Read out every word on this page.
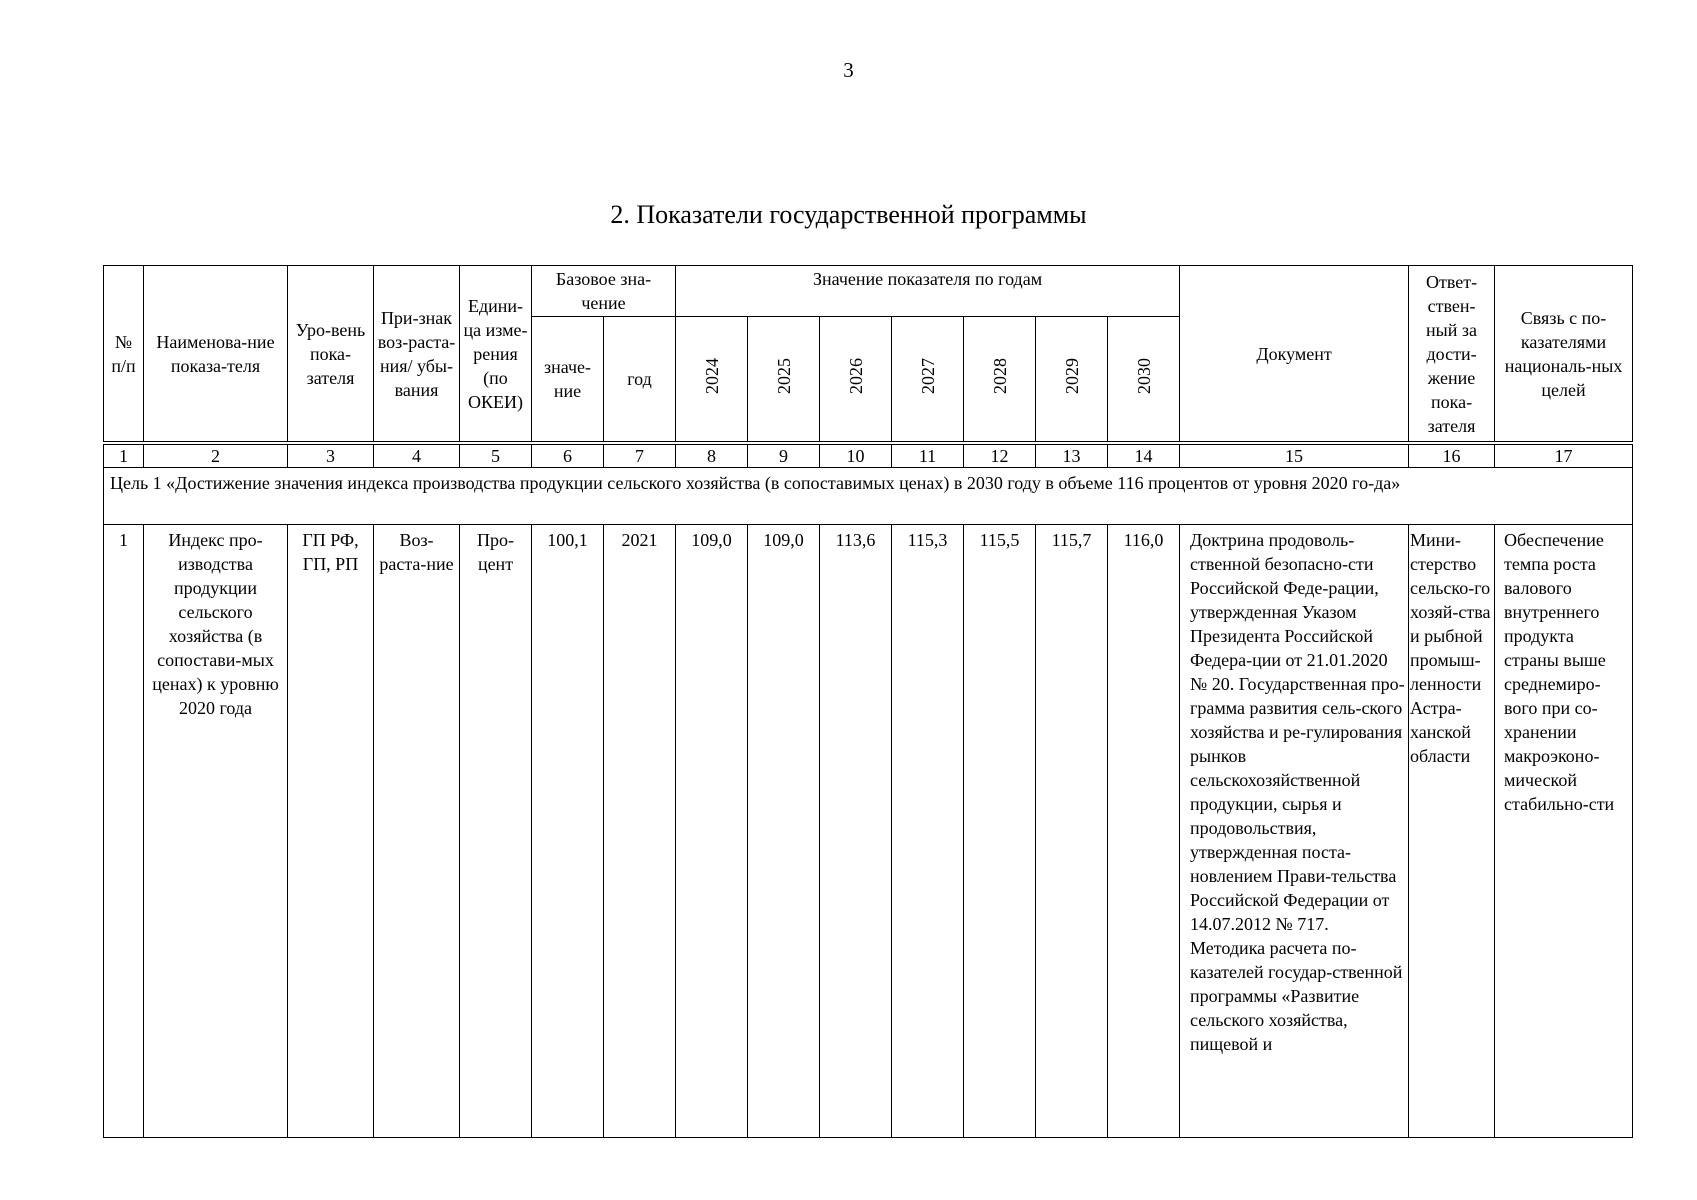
3
2. Показатели государственной программы
№ п/п	Наименова-ние показа-теля	Уро-вень пока-зателя	При-знак воз-раста-ния/ убы-вания	Едини-ца изме-рения (по ОКЕИ)	Базовое зна-чение		Значение показателя по годам							Документ	Ответ-ствен-ный за дости-жение пока-зателя	Связь с по-казателями националь-ных целей
					значе-ние	год	2024	2025	2026	2027	2028	2029	2030			
1	2	3	4	5	6	7	8	9	10	11	12	13	14	15	16	17
Цель 1 «Достижение значения индекса производства продукции сельского хозяйства (в сопоставимых ценах) в 2030 году в объеме 116 процентов от уровня 2020 го-да»																
1	Индекс про-изводства продукции сельского хозяйства (в сопостави-мых ценах) к уровню 2020 года	ГП РФ, ГП, РП	Воз-раста-ние	Про-цент	100,1	2021	109,0	109,0	113,6	115,3	115,5	115,7	116,0	Доктрина продоволь-ственной безопасно-сти Российской Феде-рации, утвержденная Указом Президента Российской Федера-ции от 21.01.2020 № 20. Государственная про-грамма развития сель-ского хозяйства и ре-гулирования рынков сельскохозяйственной продукции, сырья и продовольствия, утвержденная поста-новлением Прави-тельства Российской Федерации от 14.07.2012 № 717. Методика расчета по-казателей государ-ственной программы «Развитие сельского хозяйства, пищевой и	Мини-стерство сельско-го хозяй-ства и рыбной промыш-ленности Астра-ханской области	Обеспечение темпа роста валового внутреннего продукта страны выше среднемиро-вого при со-хранении макроэконо-мической стабильно-сти
